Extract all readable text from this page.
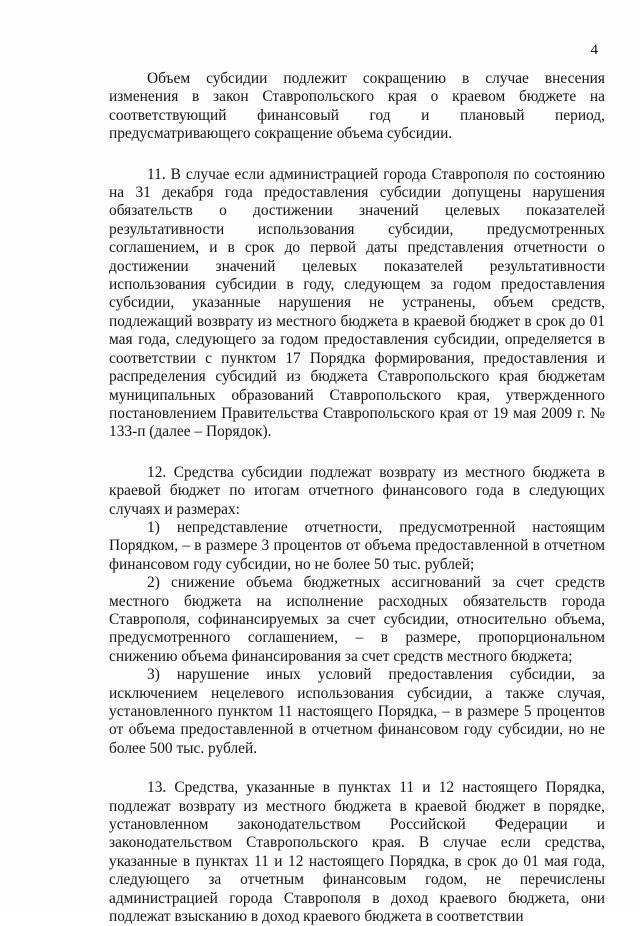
4

Объем субсидии подлежит сокращению в случае внесения изменения в закон Ставропольского края о краевом бюджете на соответствующий финансовый год и плановый период, предусматривающего сокращение объема субсидии.

11. В случае если администрацией города Ставрополя по состоянию на 31 декабря года предоставления субсидии допущены нарушения обязательств о достижении значений целевых показателей результативности использования субсидии, предусмотренных соглашением, и в срок до первой даты представления отчетности о достижении значений целевых показателей результативности использования субсидии в году, следующем за годом предоставления субсидии, указанные нарушения не устранены, объем средств, подлежащий возврату из местного бюджета в краевой бюджет в срок до 01 мая года, следующего за годом предоставления субсидии, определяется в соответствии с пунктом 17 Порядка формирования, предоставления и распределения субсидий из бюджета Ставропольского края бюджетам муниципальных образований Ставропольского края, утвержденного постановлением Правительства Ставропольского края от 19 мая 2009 г. № 133-п (далее – Порядок).

12. Средства субсидии подлежат возврату из местного бюджета в краевой бюджет по итогам отчетного финансового года в следующих случаях и размерах:

1) непредставление отчетности, предусмотренной настоящим Порядком, – в размере 3 процентов от объема предоставленной в отчетном финансовом году субсидии, но не более 50 тыс. рублей;

2) снижение объема бюджетных ассигнований за счет средств местного бюджета на исполнение расходных обязательств города Ставрополя, софинансируемых за счет субсидии, относительно объема, предусмотренного соглашением, – в размере, пропорциональном снижению объема финансирования за счет средств местного бюджета;

3) нарушение иных условий предоставления субсидии, за исключением нецелевого использования субсидии, а также случая, установленного пунктом 11 настоящего Порядка, – в размере 5 процентов от объема предоставленной в отчетном финансовом году субсидии, но не более 500 тыс. рублей.

13. Средства, указанные в пунктах 11 и 12 настоящего Порядка, подлежат возврату из местного бюджета в краевой бюджет в порядке, установленном законодательством Российской Федерации и законодательством Ставропольского края. В случае если средства, указанные в пунктах 11 и 12 настоящего Порядка, в срок до 01 мая года, следующего за отчетным финансовым годом, не перечислены администрацией города Ставрополя в доход краевого бюджета, они подлежат взысканию в доход краевого бюджета в соответствии
